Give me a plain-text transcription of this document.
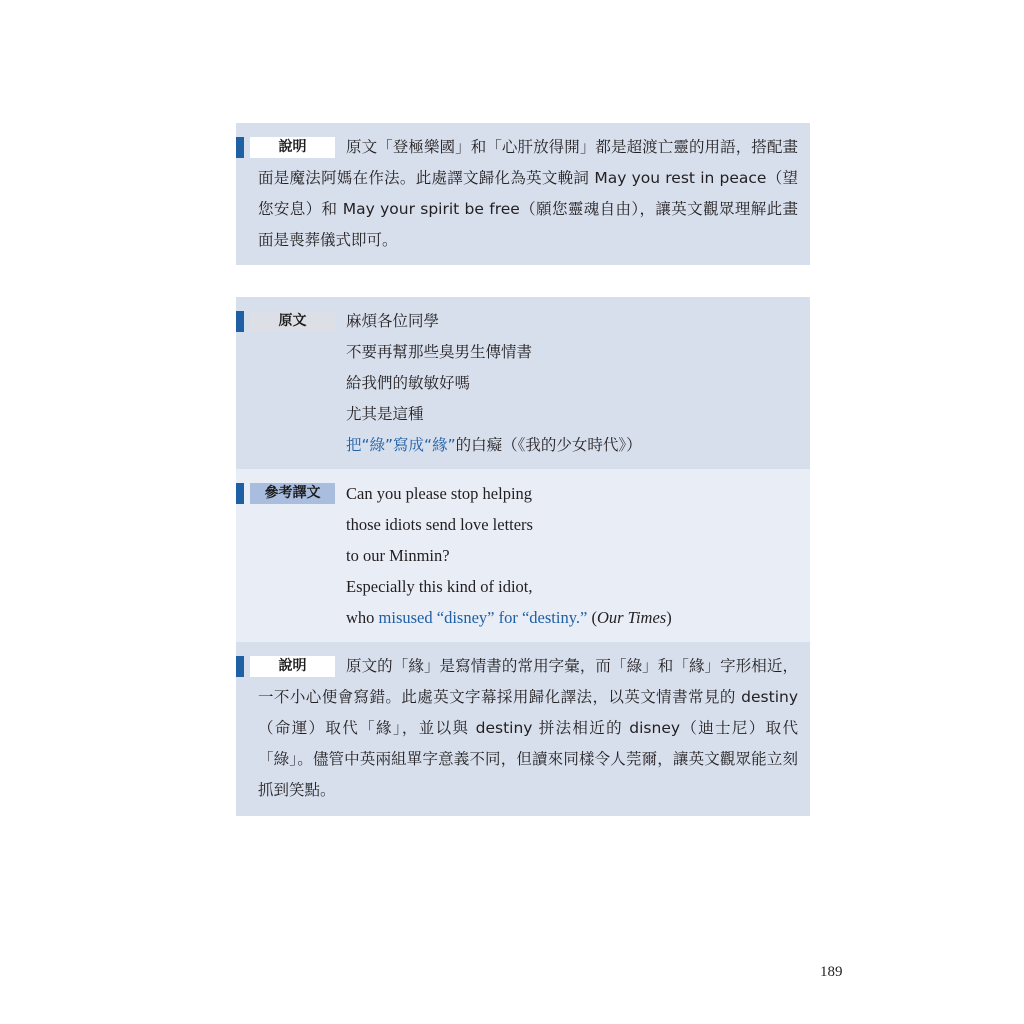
說明	原文「登極樂國」和「心肝放得開」都是超渡亡靈的用語，搭配畫面是魔法阿媽在作法。此處譯文歸化為英文輓詞 May you rest in peace（望您安息）和 May your spirit be free（願您靈魂自由），讓英文觀眾理解此畫面是喪葬儀式即可。

原文	麻煩各位同學
不要再幫那些臭男生傳情書
給我們的敏敏好嗎
尤其是這種
把“綠”寫成“緣”的白癡（《我的少女時代》）
參考譯文	Can you please stop helping
those idiots send love letters
to our Minmin?
Especially this kind of idiot,
who misused “disney” for “destiny.” (Our Times)
說明	原文的「緣」是寫情書的常用字彙，而「綠」和「緣」字形相近，一不小心便會寫錯。此處英文字幕採用歸化譯法，以英文情書常見的 destiny（命運）取代「緣」，並以與 destiny 拼法相近的 disney（迪士尼）取代「綠」。儘管中英兩組單字意義不同，但讀來同樣令人莞爾，讓英文觀眾能立刻抓到笑點。

189
